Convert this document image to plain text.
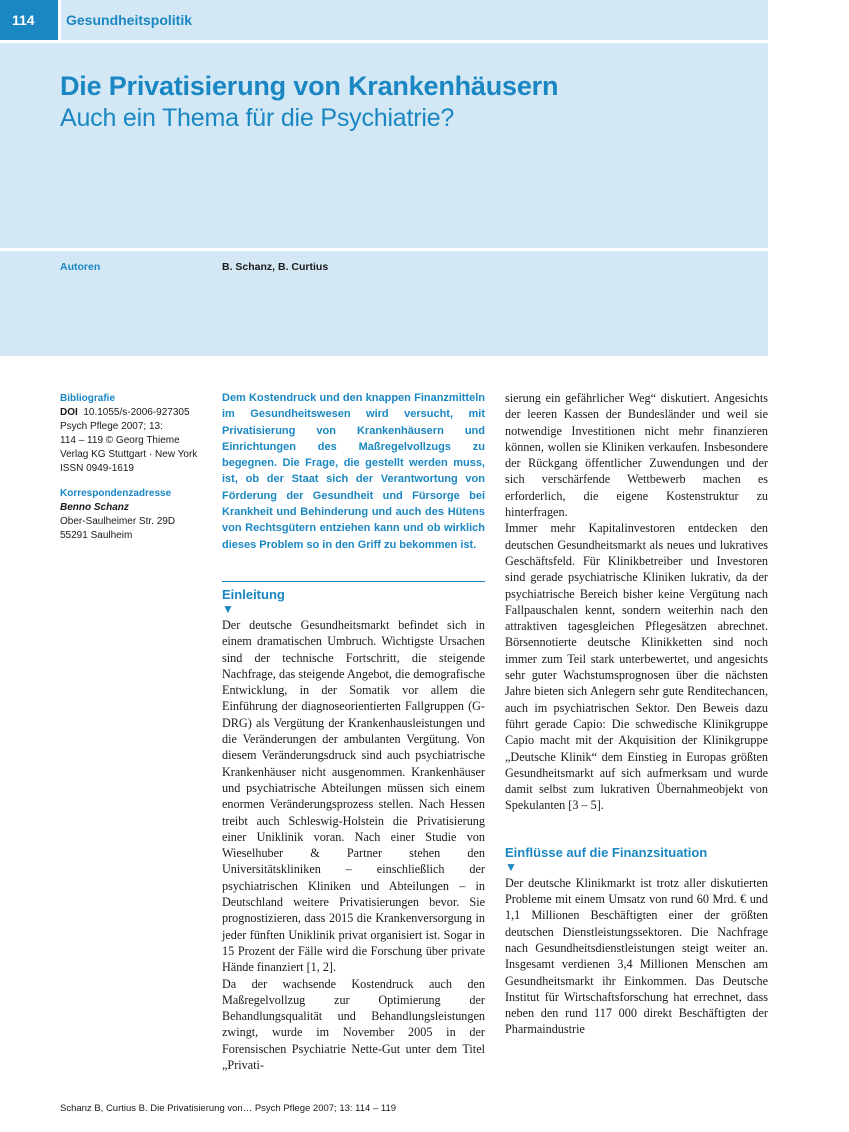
114	Gesundheitspolitik
Die Privatisierung von Krankenhäusern
Auch ein Thema für die Psychiatrie?
Autoren	B. Schanz, B. Curtius
Bibliografie
DOI 10.1055/s-2006-927305
Psych Pflege 2007; 13:
114 – 119 © Georg Thieme
Verlag KG Stuttgart · New York
ISSN 0949-1619
Korrespondenzadresse
Benno Schanz
Ober-Saulheimer Str. 29D
55291 Saulheim

Dem Kostendruck und den knappen Finanzmitteln im Gesundheitswesen wird versucht, mit Privatisierung von Krankenhäusern und Einrichtungen des Maßregelvollzugs zu begegnen. Die Frage, die gestellt werden muss, ist, ob der Staat sich der Verantwortung von Förderung der Gesundheit und Fürsorge bei Krankheit und Behinderung und auch des Hütens von Rechtsgütern entziehen kann und ob wirklich dieses Problem so in den Griff zu bekommen ist.

Einleitung
▼

Der deutsche Gesundheitsmarkt befindet sich in einem dramatischen Umbruch. Wichtigste Ursachen sind der technische Fortschritt, die steigende Nachfrage, das steigende Angebot, die demografische Entwicklung, in der Somatik vor allem die Einführung der diagnoseorientierten Fallgruppen (G-DRG) als Vergütung der Krankenhausleistungen und die Veränderungen der ambulanten Vergütung. Von diesem Veränderungsdruck sind auch psychiatrische Krankenhäuser nicht ausgenommen. Krankenhäuser und psychiatrische Abteilungen müssen sich einem enormen Veränderungsprozess stellen. Nach Hessen treibt auch Schleswig-Holstein die Privatisierung einer Uniklinik voran. Nach einer Studie von Wieselhuber & Partner stehen den Universitätskliniken – einschließlich der psychiatrischen Kliniken und Abteilungen – in Deutschland weitere Privatisierungen bevor. Sie prognostizieren, dass 2015 die Krankenversorgung in jeder fünften Uniklinik privat organisiert ist. Sogar in 15 Prozent der Fälle wird die Forschung über private Hände finanziert [1, 2].

Da der wachsende Kostendruck auch den Maßregelvollzug zur Optimierung der Behandlungsqualität und Behandlungsleistungen zwingt, wurde im November 2005 in der Forensischen Psychiatrie Nette-Gut unter dem Titel „Privati-

sierung ein gefährlicher Weg“ diskutiert. Angesichts der leeren Kassen der Bundesländer und weil sie notwendige Investitionen nicht mehr finanzieren können, wollen sie Kliniken verkaufen. Insbesondere der Rückgang öffentlicher Zuwendungen und der sich verschärfende Wettbewerb machen es erforderlich, die eigene Kostenstruktur zu hinterfragen.

Immer mehr Kapitalinvestoren entdecken den deutschen Gesundheitsmarkt als neues und lukratives Geschäftsfeld. Für Klinikbetreiber und Investoren sind gerade psychiatrische Kliniken lukrativ, da der psychiatrische Bereich bisher keine Vergütung nach Fallpauschalen kennt, sondern weiterhin nach den attraktiven tagesgleichen Pflegesätzen abrechnet. Börsennotierte deutsche Klinikketten sind noch immer zum Teil stark unterbewertet, und angesichts sehr guter Wachstumsprognosen über die nächsten Jahre bieten sich Anlegern sehr gute Renditechancen, auch im psychiatrischen Sektor. Den Beweis dazu führt gerade Capio: Die schwedische Klinikgruppe Capio macht mit der Akquisition der Klinikgruppe „Deutsche Klinik“ dem Einstieg in Europas größten Gesundheitsmarkt auf sich aufmerksam und wurde damit selbst zum lukrativen Übernahmeobjekt von Spekulanten [3 – 5].

Einflüsse auf die Finanzsituation
▼

Der deutsche Klinikmarkt ist trotz aller diskutierten Probleme mit einem Umsatz von rund 60 Mrd. € und 1,1 Millionen Beschäftigten einer der größten deutschen Dienstleistungssektoren. Die Nachfrage nach Gesundheitsdienstleistungen steigt weiter an. Insgesamt verdienen 3,4 Millionen Menschen am Gesundheitsmarkt ihr Einkommen. Das Deutsche Institut für Wirtschaftsforschung hat errechnet, dass neben den rund 117 000 direkt Beschäftigten der Pharmaindustrie

Schanz B, Curtius B. Die Privatisierung von… Psych Pflege 2007; 13: 114 – 119
